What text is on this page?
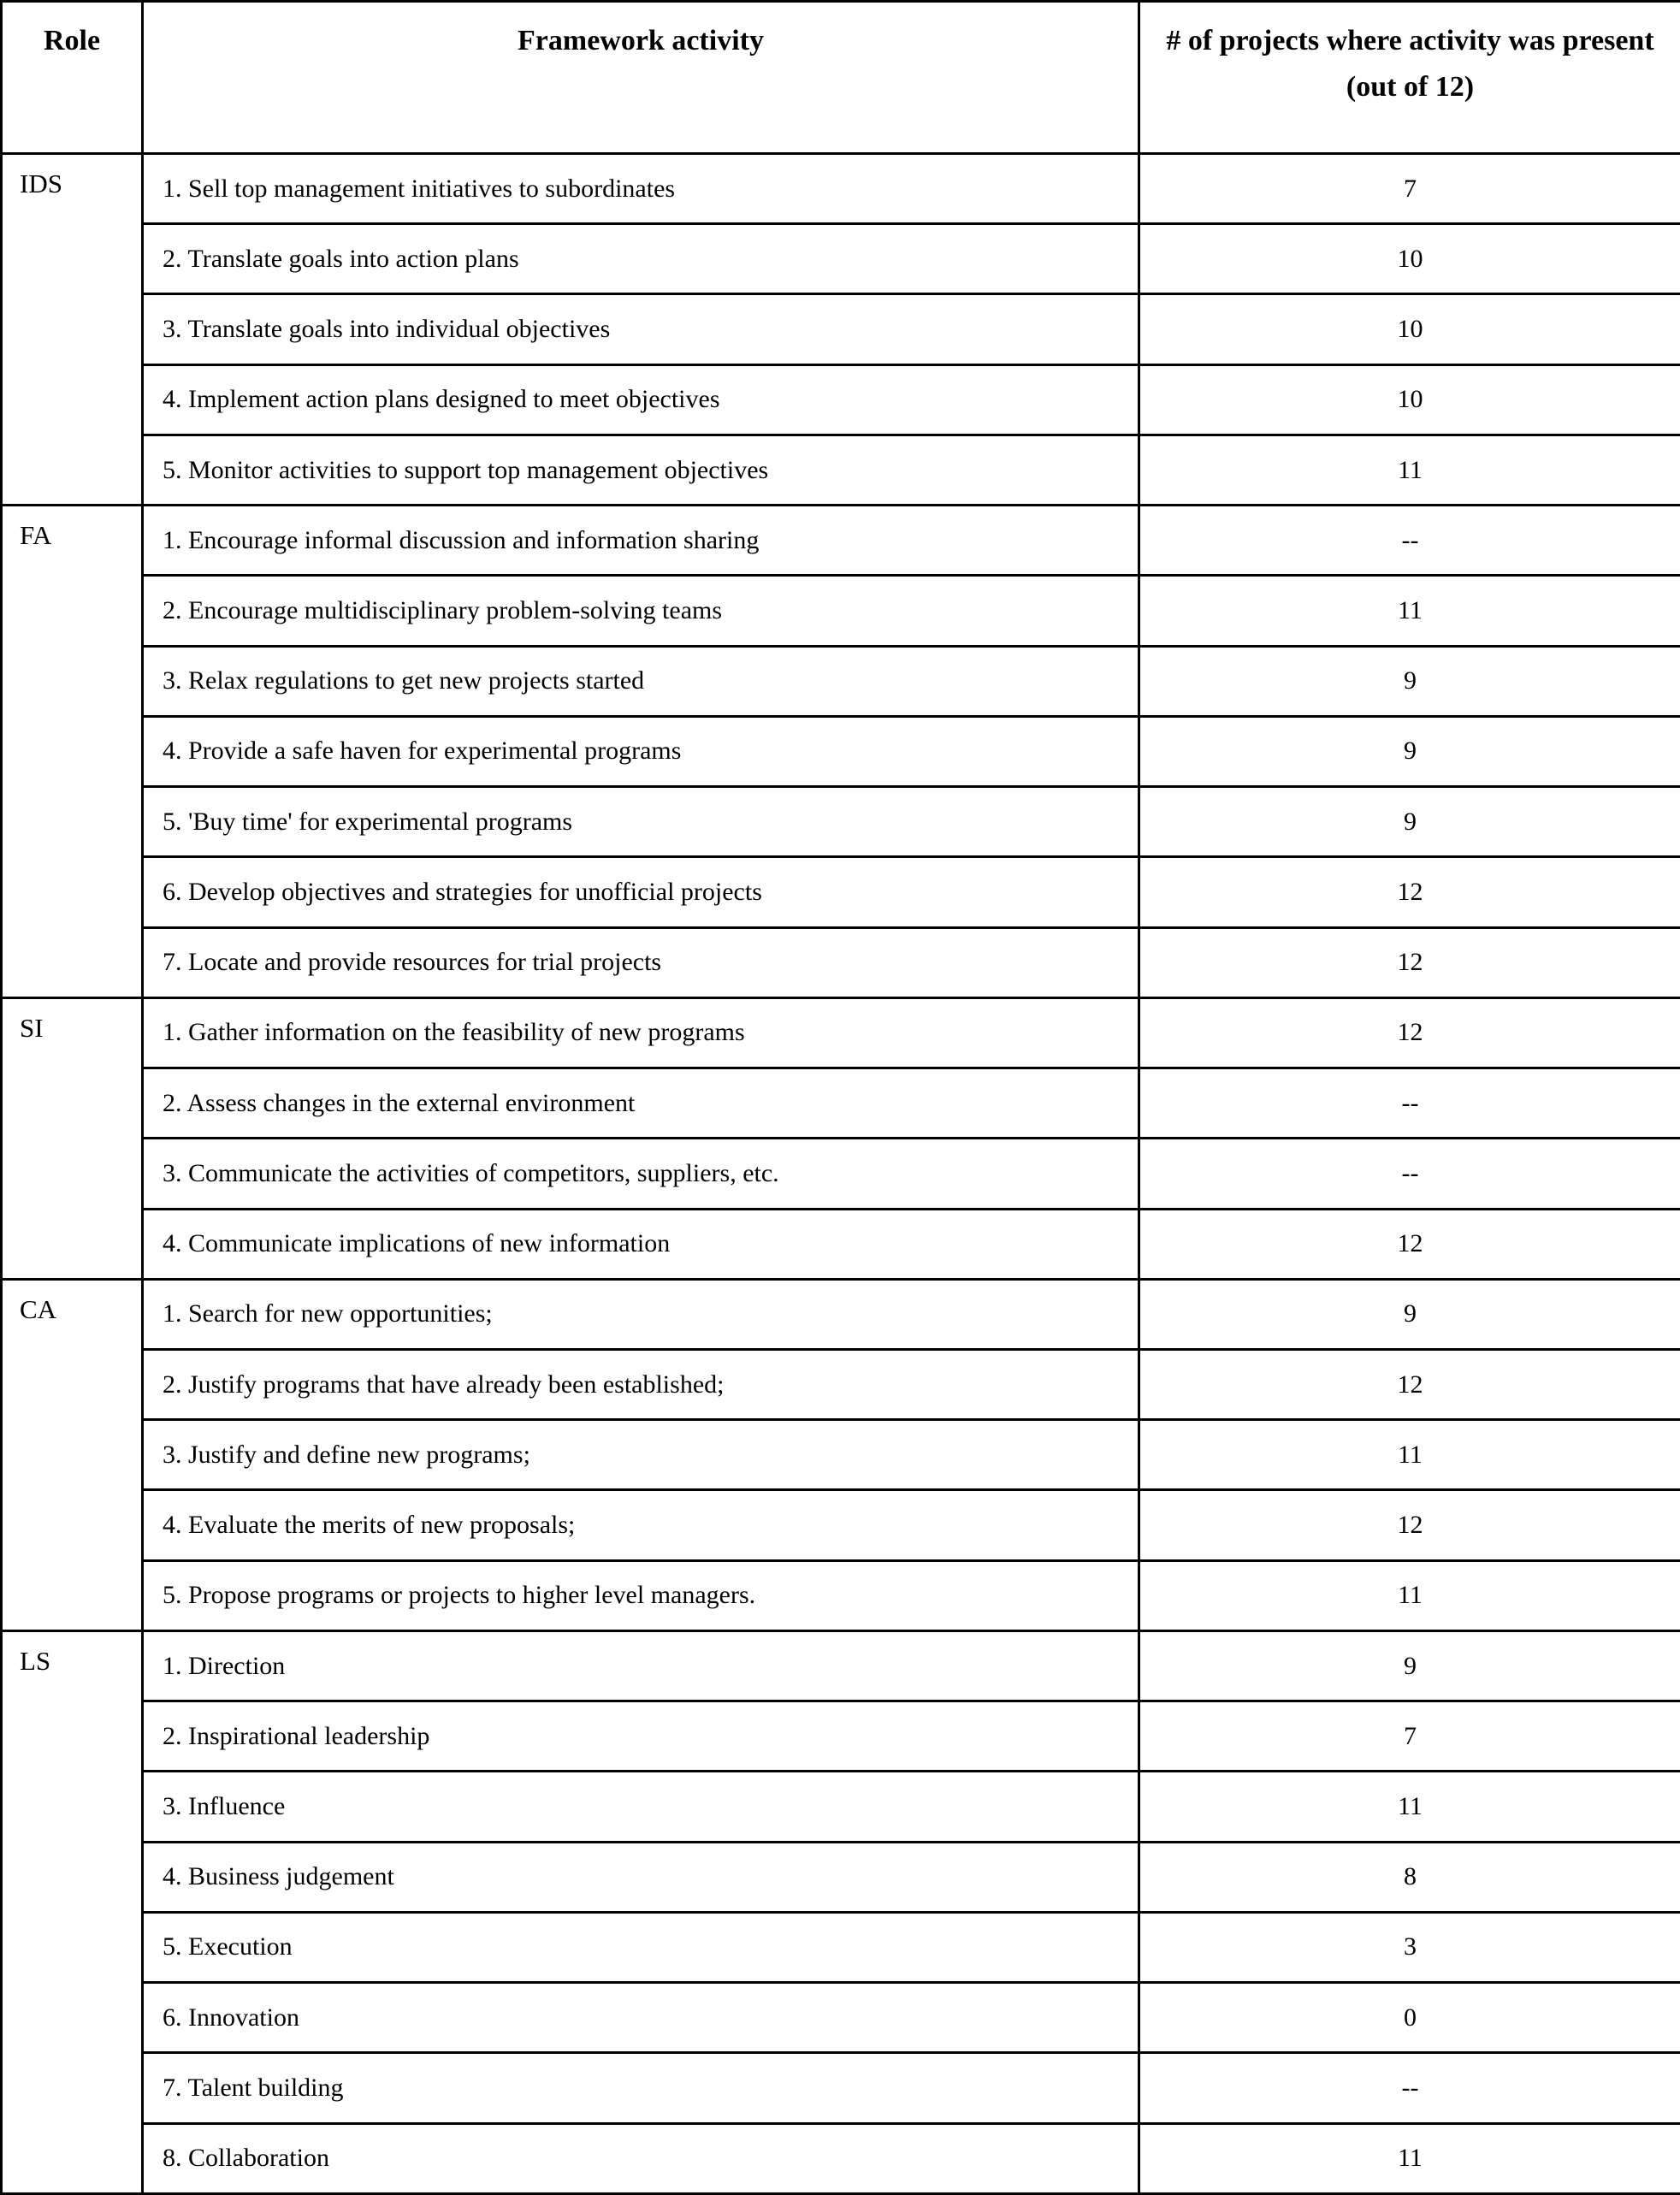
Role	Framework activity	# of projects where activity was present (out of 12)
IDS	1. Sell top management initiatives to subordinates	7
	2. Translate goals into action plans	10
	3. Translate goals into individual objectives	10
	4. Implement action plans designed to meet objectives	10
	5. Monitor activities to support top management objectives	11
FA	1. Encourage informal discussion and information sharing	--
	2. Encourage multidisciplinary problem-solving teams	11
	3. Relax regulations to get new projects started	9
	4. Provide a safe haven for experimental programs	9
	5. 'Buy time' for experimental programs	9
	6. Develop objectives and strategies for unofficial projects	12
	7. Locate and provide resources for trial projects	12
SI	1. Gather information on the feasibility of new programs	12
	2. Assess changes in the external environment	--
	3. Communicate the activities of competitors, suppliers, etc.	--
	4. Communicate implications of new information	12
CA	1. Search for new opportunities;	9
	2. Justify programs that have already been established;	12
	3. Justify and define new programs;	11
	4. Evaluate the merits of new proposals;	12
	5. Propose programs or projects to higher level managers.	11
LS	1. Direction	9
	2. Inspirational leadership	7
	3. Influence	11
	4. Business judgement	8
	5. Execution	3
	6. Innovation	0
	7. Talent building	--
	8. Collaboration	11
